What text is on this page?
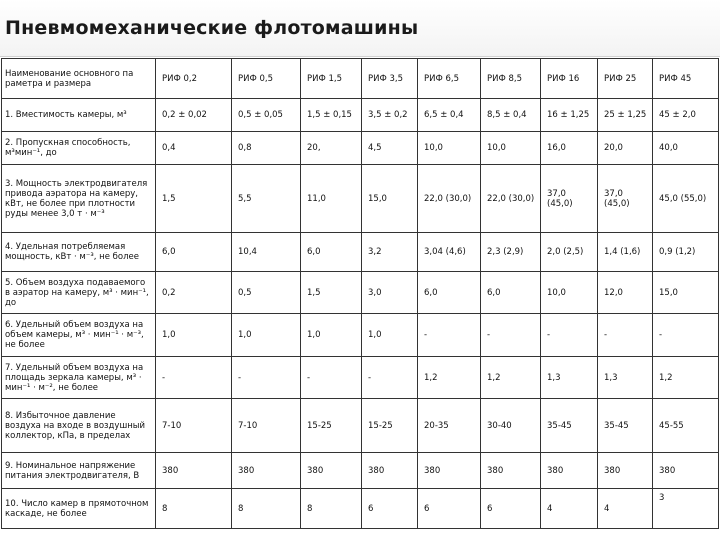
Пневмомеханические флотомашины
Наименование основного па раметра и размера	РИФ 0,2	РИФ 0,5	РИФ 1,5	РИФ 3,5	РИФ 6,5	РИФ 8,5	РИФ 16	РИФ 25	РИФ 45
1. Вместимость камеры, м³	0,2 ± 0,02	0,5 ± 0,05	1,5 ± 0,15	3,5 ± 0,2	6,5 ± 0,4	8,5 ± 0,4	16 ± 1,25	25 ± 1,25	45 ± 2,0
2. Пропускная способность, м³мин⁻¹, до	0,4	0,8	20,	4,5	10,0	10,0	16,0	20,0	40,0
3. Мощность электродвигателя привода аэратора на камеру, кВт, не более при плотности руды менее 3,0 т · м⁻³	1,5	5,5	11,0	15,0	22,0 (30,0)	22,0 (30,0)	37,0 (45,0)	37,0 (45,0)	45,0 (55,0)
4. Удельная потребляемая мощность, кВт · м⁻³, не более	6,0	10,4	6,0	3,2	3,04 (4,6)	2,3 (2,9)	2,0 (2,5)	1,4 (1,6)	0,9 (1,2)
5. Объем воздуха подаваемого в аэратор на камеру, м³ · мин⁻¹, до	0,2	0,5	1,5	3,0	6,0	6,0	10,0	12,0	15,0
6. Удельный объем воздуха на объем камеры, м³ · мин⁻¹ · м⁻³, не более	1,0	1,0	1,0	1,0	-	-	-	-	-
7. Удельный объем воздуха на площадь зеркала камеры, м³ · мин⁻¹ · м⁻², не более	-	-	-	-	1,2	1,2	1,3	1,3	1,2
8. Избыточное давление воздуха на входе в воздушный коллектор, кПа, в пределах	7-10	7-10	15-25	15-25	20-35	30-40	35-45	35-45	45-55
9. Номинальное напряжение питания электродвигателя, В	380	380	380	380	380	380	380	380	380
10. Число камер в прямоточном каскаде, не более	8	8	8	6	6	6	4	4	3
